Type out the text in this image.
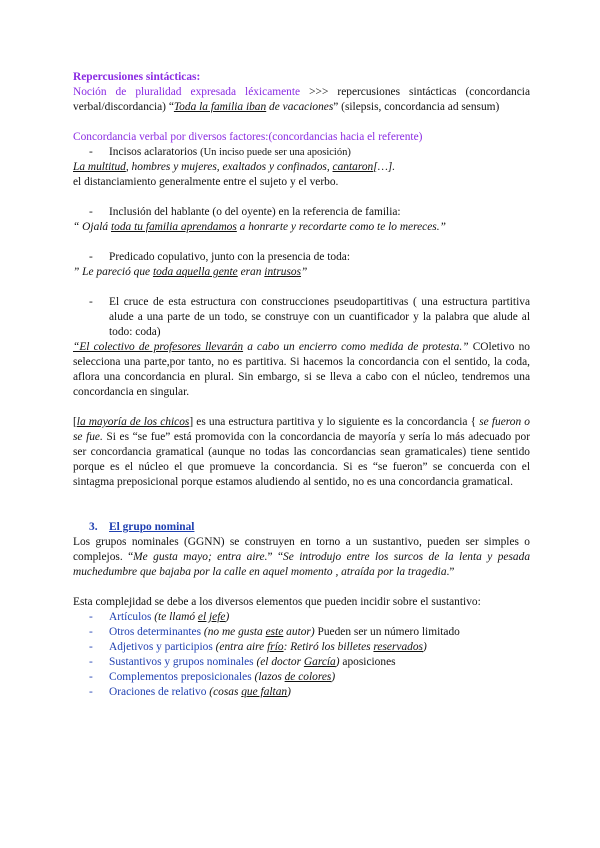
Repercusiones sintácticas:

Noción de pluralidad expresada léxicamente >>> repercusiones sintácticas (concordancia verbal/discordancia) “Toda la familia iban de vacaciones” (silepsis, concordancia ad sensum)

Concordancia verbal por diversos factores:(concordancias hacia el referente)

-	Incisos aclaratorios (Un inciso puede ser una aposición)

La multitud, hombres y mujeres, exaltados y confinados, cantaron[…].

el distanciamiento generalmente entre el sujeto y el verbo.

-	Inclusión del hablante (o del oyente) en la referencia de familia:

“ Ojalá toda tu familia aprendamos a honrarte y recordarte como te lo mereces.”

-	Predicado copulativo, junto con la presencia de toda:

” Le pareció que toda aquella gente eran intrusos”

-	El cruce de esta estructura con construcciones pseudopartitivas ( una estructura partitiva alude a una parte de un todo, se construye con un cuantificador y la palabra que alude al todo: coda)

“El colectivo de profesores llevarán a cabo un encierro como medida de protesta.” COletivo no selecciona una parte,por tanto, no es partitiva. Si hacemos la concordancia con el sentido, la coda, aflora una concordancia en plural. Sin embargo, si se lleva a cabo con el núcleo, tendremos una concordancia en singular.

[la mayoría de los chicos] es una estructura partitiva y lo siguiente es la concordancia { se fueron o se fue. Si es “se fue” está promovida con la concordancia de mayoría y sería lo más adecuado por ser concordancia gramatical (aunque no todas las concordancias sean gramaticales) tiene sentido porque es el núcleo el que promueve la concordancia. Si es “se fueron” se concuerda con el sintagma preposicional porque estamos aludiendo al sentido, no es una concordancia gramatical.

3.	El grupo nominal

Los grupos nominales (GGNN) se construyen en torno a un sustantivo, pueden ser simples o complejos. “Me gusta mayo; entra aire.” “Se introdujo entre los surcos de la lenta y pesada muchedumbre que bajaba por la calle en aquel momento , atraída por la tragedia.”

Esta complejidad se debe a los diversos elementos que pueden incidir sobre el sustantivo:

-	Artículos (te llamó el jefe)
-	Otros determinantes (no me gusta este autor) Pueden ser un número limitado
-	Adjetivos y participios (entra aire frío: Retiró los billetes reservados)
-	Sustantivos y grupos nominales (el doctor García) aposiciones
-	Complementos preposicionales (lazos de colores)
-	Oraciones de relativo (cosas que faltan)
